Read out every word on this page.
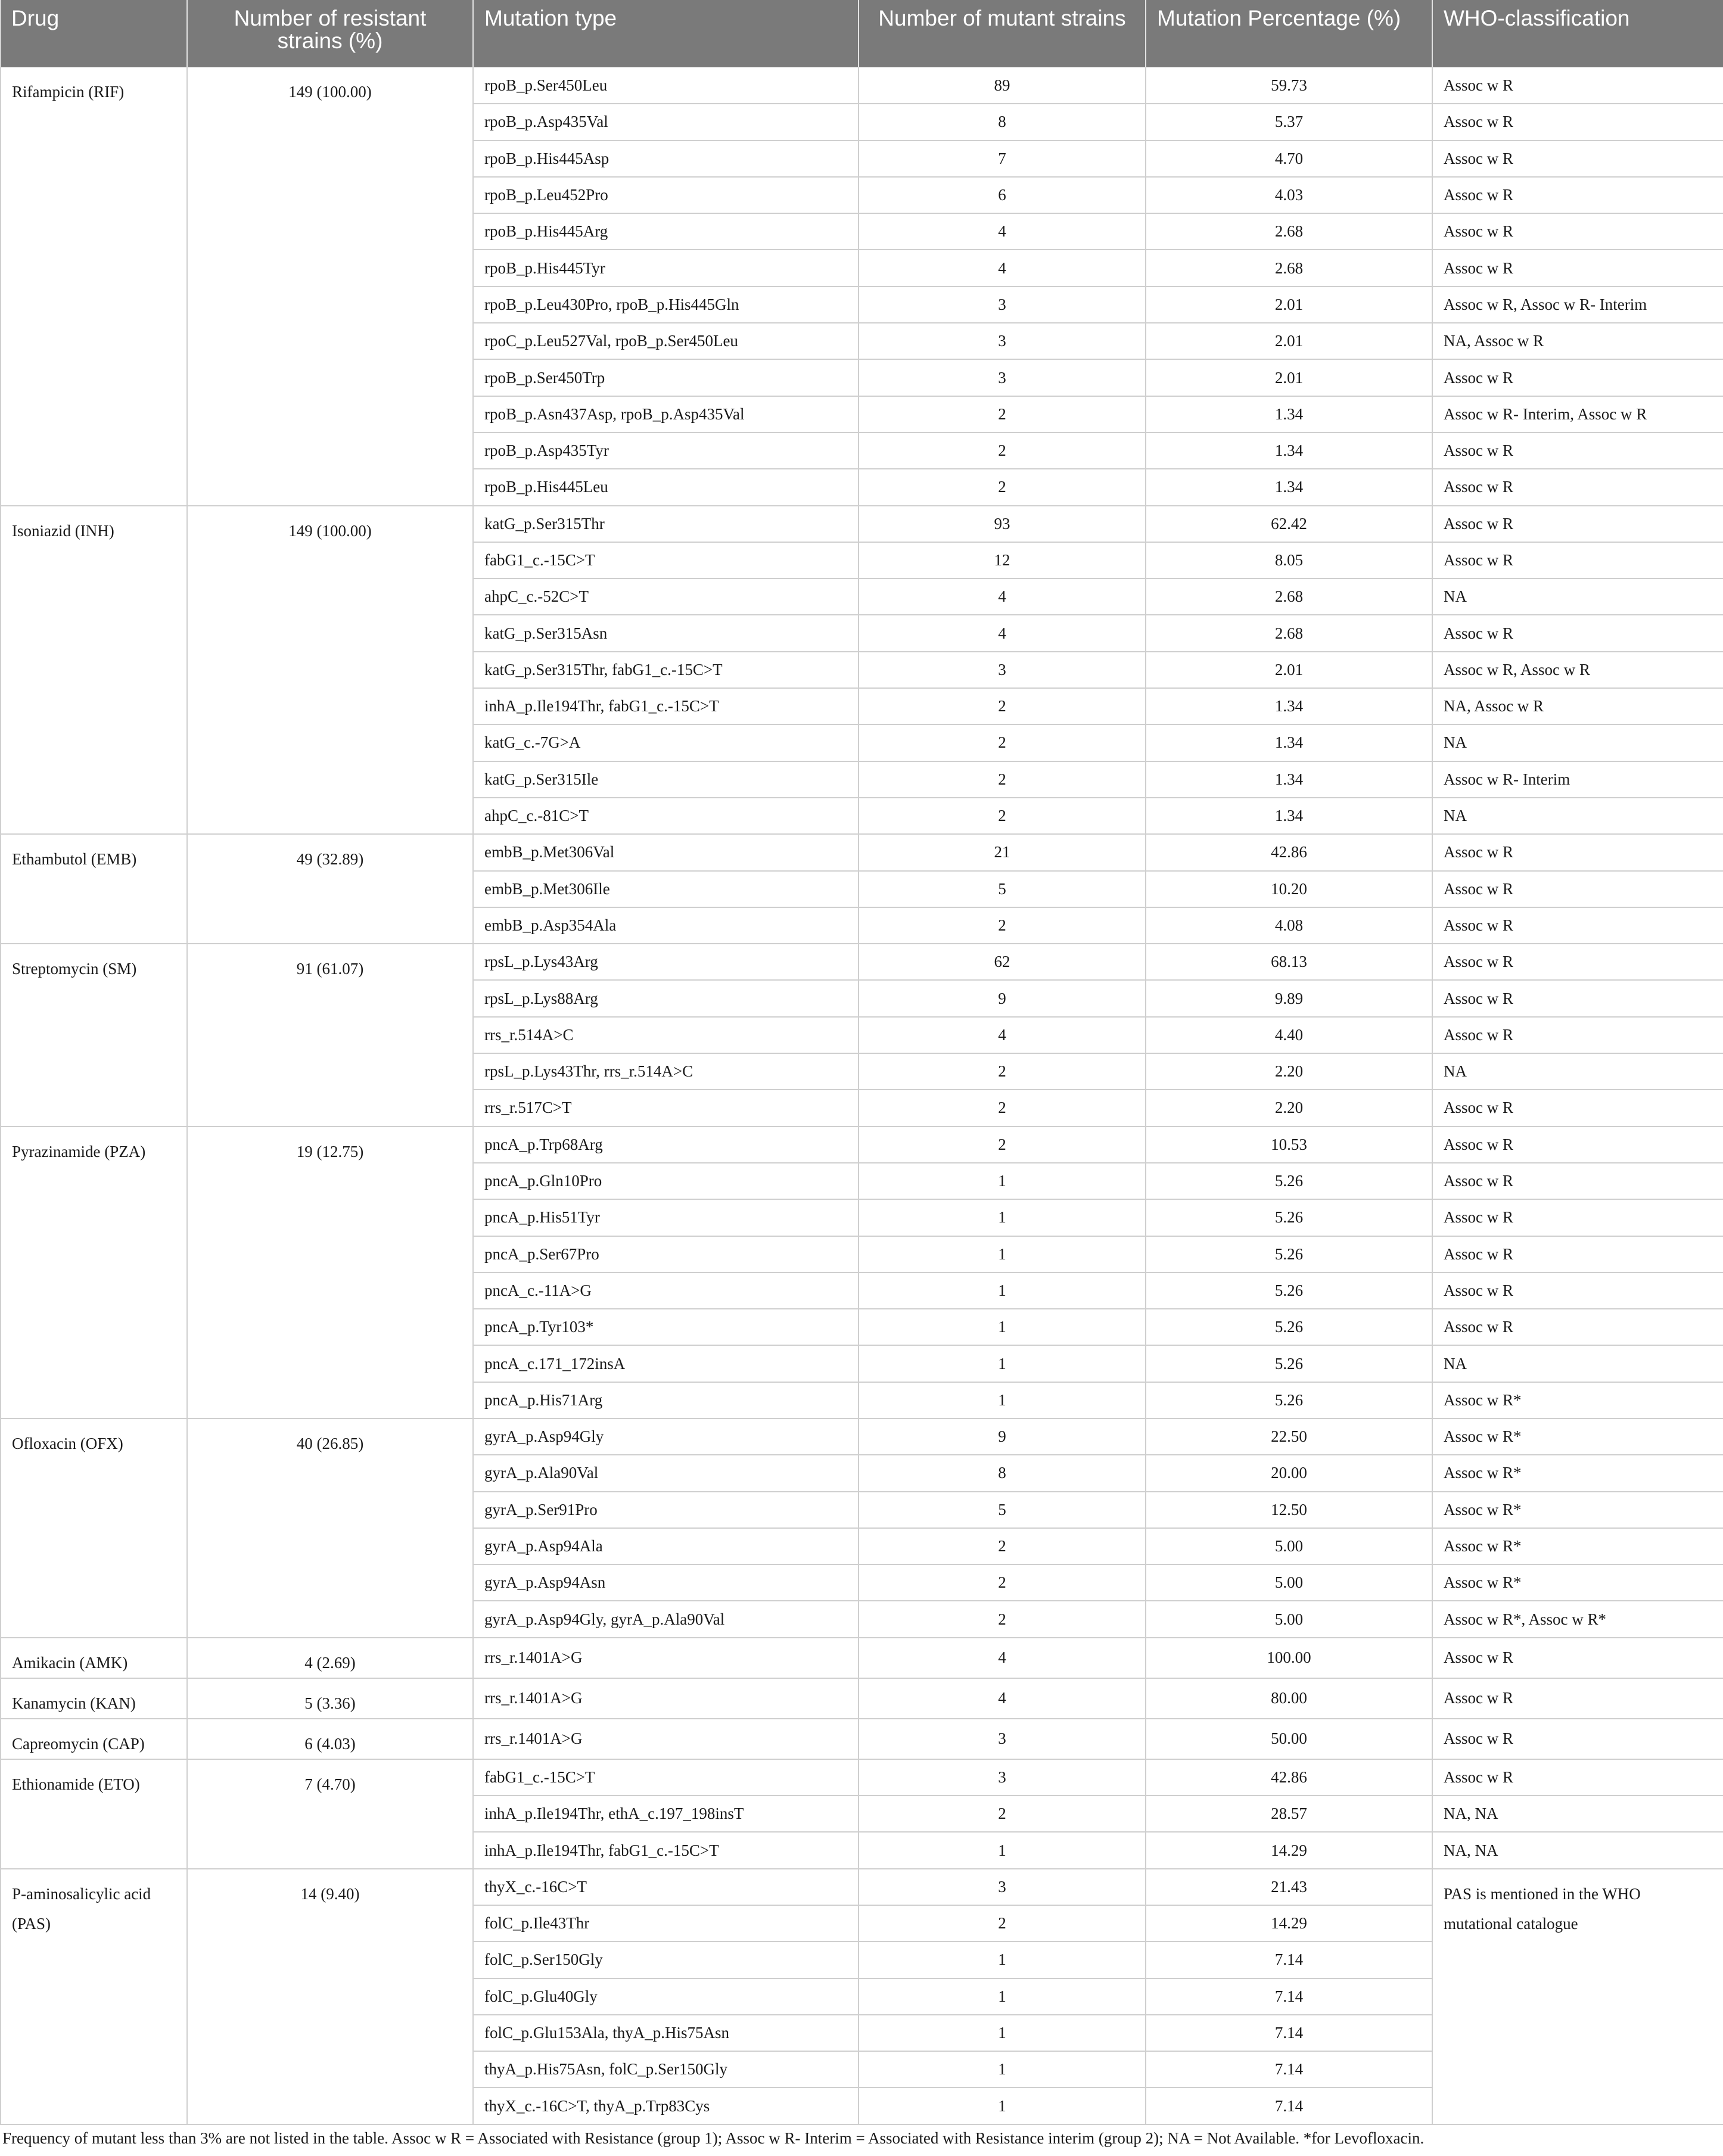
Drug	Number of resistant strains (%)	Mutation type	Number of mutant strains	Mutation Percentage (%)	WHO-classification
Rifampicin (RIF)	149 (100.00)	rpoB_p.Ser450Leu	89	59.73	Assoc w R
		rpoB_p.Asp435Val	8	5.37	Assoc w R
		rpoB_p.His445Asp	7	4.70	Assoc w R
		rpoB_p.Leu452Pro	6	4.03	Assoc w R
		rpoB_p.His445Arg	4	2.68	Assoc w R
		rpoB_p.His445Tyr	4	2.68	Assoc w R
		rpoB_p.Leu430Pro, rpoB_p.His445Gln	3	2.01	Assoc w R, Assoc w R- Interim
		rpoC_p.Leu527Val, rpoB_p.Ser450Leu	3	2.01	NA, Assoc w R
		rpoB_p.Ser450Trp	3	2.01	Assoc w R
		rpoB_p.Asn437Asp, rpoB_p.Asp435Val	2	1.34	Assoc w R- Interim, Assoc w R
		rpoB_p.Asp435Tyr	2	1.34	Assoc w R
		rpoB_p.His445Leu	2	1.34	Assoc w R
Isoniazid (INH)	149 (100.00)	katG_p.Ser315Thr	93	62.42	Assoc w R
		fabG1_c.-15C>T	12	8.05	Assoc w R
		ahpC_c.-52C>T	4	2.68	NA
		katG_p.Ser315Asn	4	2.68	Assoc w R
		katG_p.Ser315Thr, fabG1_c.-15C>T	3	2.01	Assoc w R, Assoc w R
		inhA_p.Ile194Thr, fabG1_c.-15C>T	2	1.34	NA, Assoc w R
		katG_c.-7G>A	2	1.34	NA
		katG_p.Ser315Ile	2	1.34	Assoc w R- Interim
		ahpC_c.-81C>T	2	1.34	NA
Ethambutol (EMB)	49 (32.89)	embB_p.Met306Val	21	42.86	Assoc w R
		embB_p.Met306Ile	5	10.20	Assoc w R
		embB_p.Asp354Ala	2	4.08	Assoc w R
Streptomycin (SM)	91 (61.07)	rpsL_p.Lys43Arg	62	68.13	Assoc w R
		rpsL_p.Lys88Arg	9	9.89	Assoc w R
		rrs_r.514A>C	4	4.40	Assoc w R
		rpsL_p.Lys43Thr, rrs_r.514A>C	2	2.20	NA
		rrs_r.517C>T	2	2.20	Assoc w R
Pyrazinamide (PZA)	19 (12.75)	pncA_p.Trp68Arg	2	10.53	Assoc w R
		pncA_p.Gln10Pro	1	5.26	Assoc w R
		pncA_p.His51Tyr	1	5.26	Assoc w R
		pncA_p.Ser67Pro	1	5.26	Assoc w R
		pncA_c.-11A>G	1	5.26	Assoc w R
		pncA_p.Tyr103*	1	5.26	Assoc w R
		pncA_c.171_172insA	1	5.26	NA
		pncA_p.His71Arg	1	5.26	Assoc w R*
Ofloxacin (OFX)	40 (26.85)	gyrA_p.Asp94Gly	9	22.50	Assoc w R*
		gyrA_p.Ala90Val	8	20.00	Assoc w R*
		gyrA_p.Ser91Pro	5	12.50	Assoc w R*
		gyrA_p.Asp94Ala	2	5.00	Assoc w R*
		gyrA_p.Asp94Asn	2	5.00	Assoc w R*
		gyrA_p.Asp94Gly, gyrA_p.Ala90Val	2	5.00	Assoc w R*, Assoc w R*
Amikacin (AMK)	4 (2.69)	rrs_r.1401A>G	4	100.00	Assoc w R
Kanamycin (KAN)	5 (3.36)	rrs_r.1401A>G	4	80.00	Assoc w R
Capreomycin (CAP)	6 (4.03)	rrs_r.1401A>G	3	50.00	Assoc w R
Ethionamide (ETO)	7 (4.70)	fabG1_c.-15C>T	3	42.86	Assoc w R
		inhA_p.Ile194Thr, ethA_c.197_198insT	2	28.57	NA, NA
		inhA_p.Ile194Thr, fabG1_c.-15C>T	1	14.29	NA, NA
P-aminosalicylic acid (PAS)	14 (9.40)	thyX_c.-16C>T	3	21.43	PAS is mentioned in the WHO mutational catalogue
		folC_p.Ile43Thr	2	14.29	
		folC_p.Ser150Gly	1	7.14	
		folC_p.Glu40Gly	1	7.14	
		folC_p.Glu153Ala, thyA_p.His75Asn	1	7.14	
		thyA_p.His75Asn, folC_p.Ser150Gly	1	7.14	
		thyX_c.-16C>T, thyA_p.Trp83Cys	1	7.14	
Frequency of mutant less than 3% are not listed in the table. Assoc w R = Associated with Resistance (group 1); Assoc w R- Interim = Associated with Resistance interim (group 2); NA = Not Available. *for Levofloxacin.
